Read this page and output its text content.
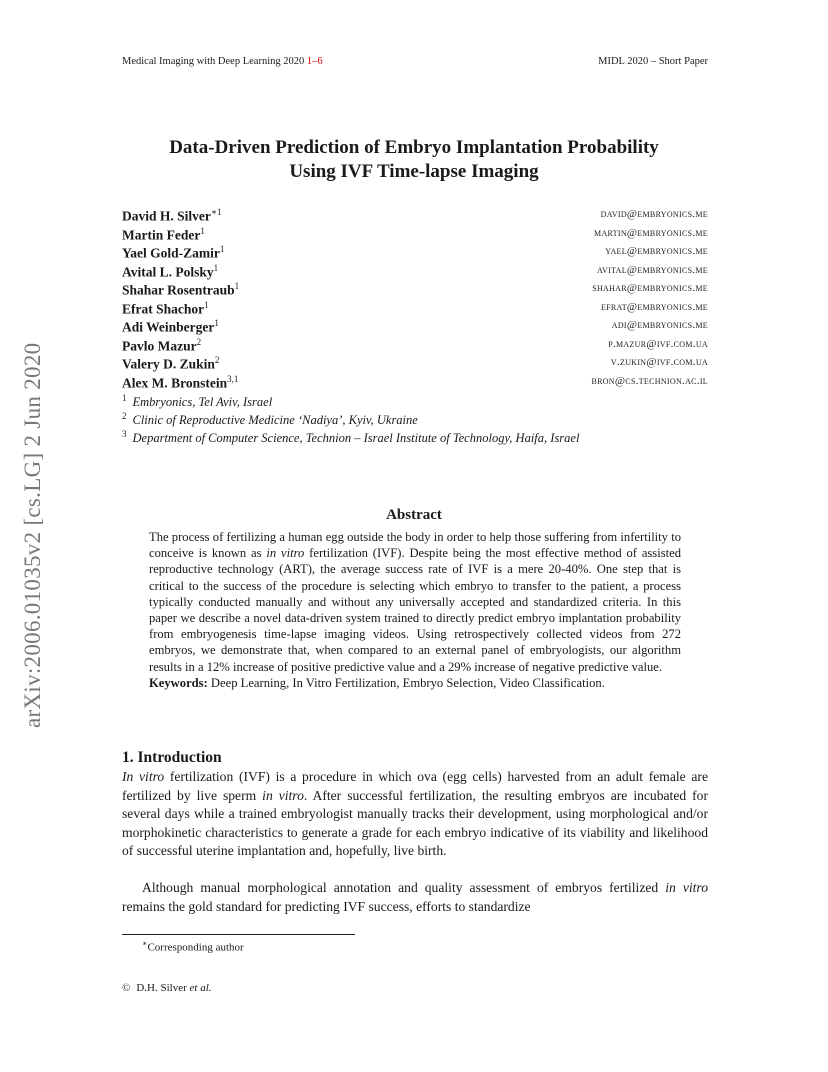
Medical Imaging with Deep Learning 2020 1–6	MIDL 2020 – Short Paper
arXiv:2006.01035v2 [cs.LG] 2 Jun 2020
Data-Driven Prediction of Embryo Implantation Probability
Using IVF Time-lapse Imaging
David H. Silver$^{∗1}$	david@embryonics.me
Martin Feder$^1$	martin@embryonics.me
Yael Gold-Zamir$^1$	yael@embryonics.me
Avital L. Polsky$^1$	avital@embryonics.me
Shahar Rosentraub$^1$	shahar@embryonics.me
Efrat Shachor$^1$	efrat@embryonics.me
Adi Weinberger$^1$	adi@embryonics.me
Pavlo Mazur$^2$	p.mazur@ivf.com.ua
Valery D. Zukin$^2$	v.zukin@ivf.com.ua
Alex M. Bronstein$^{3,1}$	bron@cs.technion.ac.il
$^1$ Embryonics, Tel Aviv, Israel
$^2$ Clinic of Reproductive Medicine ‘Nadiya’, Kyiv, Ukraine
$^3$ Department of Computer Science, Technion – Israel Institute of Technology, Haifa, Israel
Abstract
The process of fertilizing a human egg outside the body in order to help those suffering from infertility to conceive is known as in vitro fertilization (IVF). Despite being the most effective method of assisted reproductive technology (ART), the average success rate of IVF is a mere 20-40%. One step that is critical to the success of the procedure is selecting which embryo to transfer to the patient, a process typically conducted manually and without any universally accepted and standardized criteria. In this paper we describe a novel data-driven system trained to directly predict embryo implantation probability from embryogenesis time-lapse imaging videos. Using retrospectively collected videos from 272 embryos, we demonstrate that, when compared to an external panel of embryologists, our algorithm results in a 12% increase of positive predictive value and a 29% increase of negative predictive value.
Keywords: Deep Learning, In Vitro Fertilization, Embryo Selection, Video Classification.
1. Introduction
In vitro fertilization (IVF) is a procedure in which ova (egg cells) harvested from an adult female are fertilized by live sperm in vitro. After successful fertilization, the resulting embryos are incubated for several days while a trained embryologist manually tracks their development, using morphological and/or morphokinetic characteristics to generate a grade for each embryo indicative of its viability and likelihood of successful uterine implantation and, hopefully, live birth.
Although manual morphological annotation and quality assessment of embryos fertilized in vitro remains the gold standard for predicting IVF success, efforts to standardize
∗Corresponding author
© D.H. Silver et al.
